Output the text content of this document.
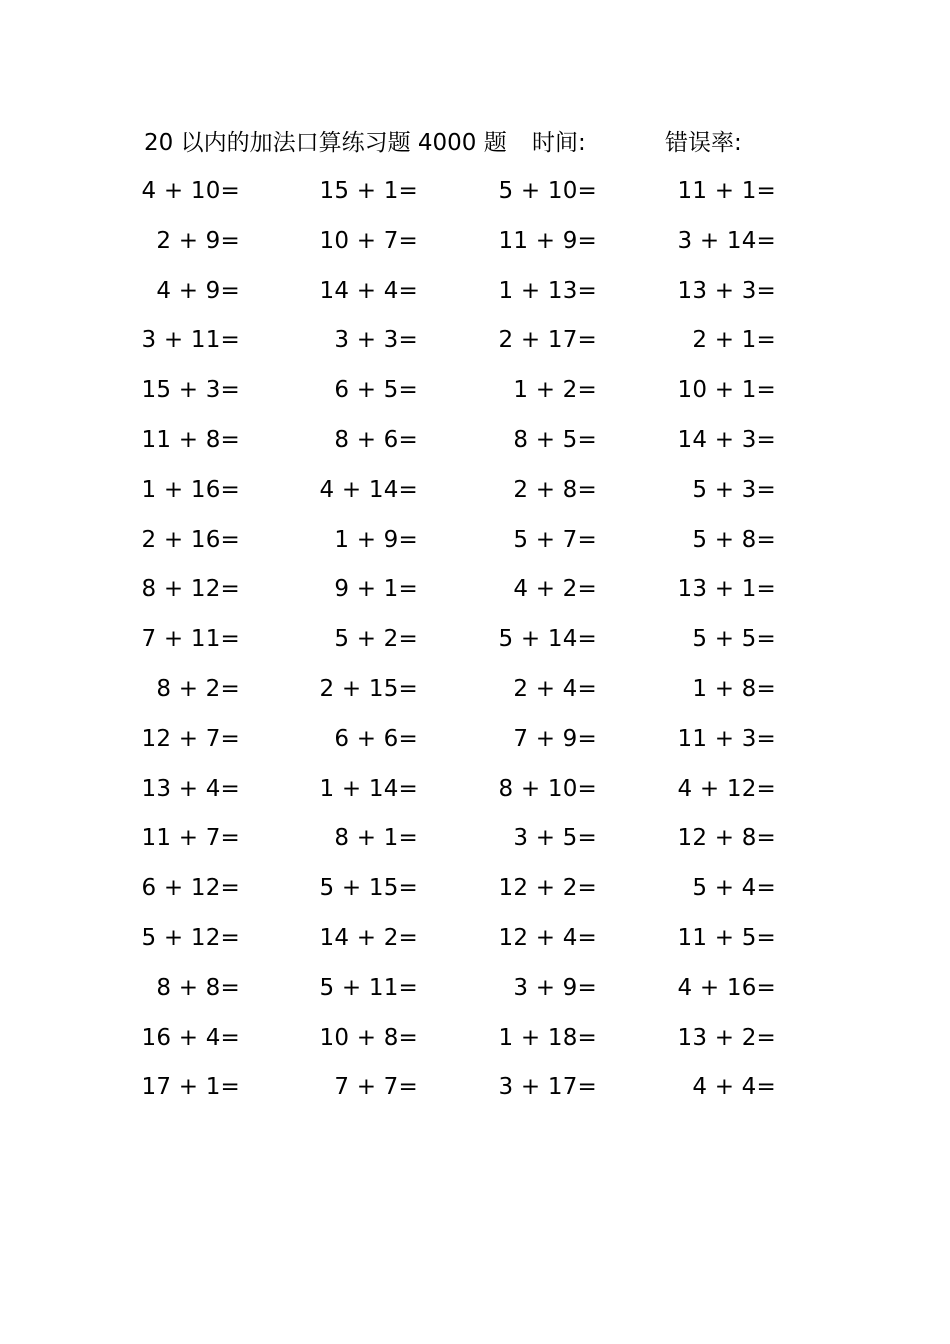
20 以内的加法口算练习题 4000 题 时间:	错误率:
4 + 10=
2 + 9=
4 + 9=
3 + 11=
15 + 3=
11 + 8=
1 + 16=
2 + 16=
8 + 12=
7 + 11=
8 + 2=
12 + 7=
13 + 4=
11 + 7=
6 + 12=
5 + 12=
8 + 8=
16 + 4=
17 + 1=
15 + 1=
10 + 7=
14 + 4=
3 + 3=
6 + 5=
8 + 6=
4 + 14=
1 + 9=
9 + 1=
5 + 2=
2 + 15=
6 + 6=
1 + 14=
8 + 1=
5 + 15=
14 + 2=
5 + 11=
10 + 8=
7 + 7=
5 + 10=
11 + 9=
1 + 13=
2 + 17=
1 + 2=
8 + 5=
2 + 8=
5 + 7=
4 + 2=
5 + 14=
2 + 4=
7 + 9=
8 + 10=
3 + 5=
12 + 2=
12 + 4=
3 + 9=
1 + 18=
3 + 17=
11 + 1=
3 + 14=
13 + 3=
2 + 1=
10 + 1=
14 + 3=
5 + 3=
5 + 8=
13 + 1=
5 + 5=
1 + 8=
11 + 3=
4 + 12=
12 + 8=
5 + 4=
11 + 5=
4 + 16=
13 + 2=
4 + 4=
